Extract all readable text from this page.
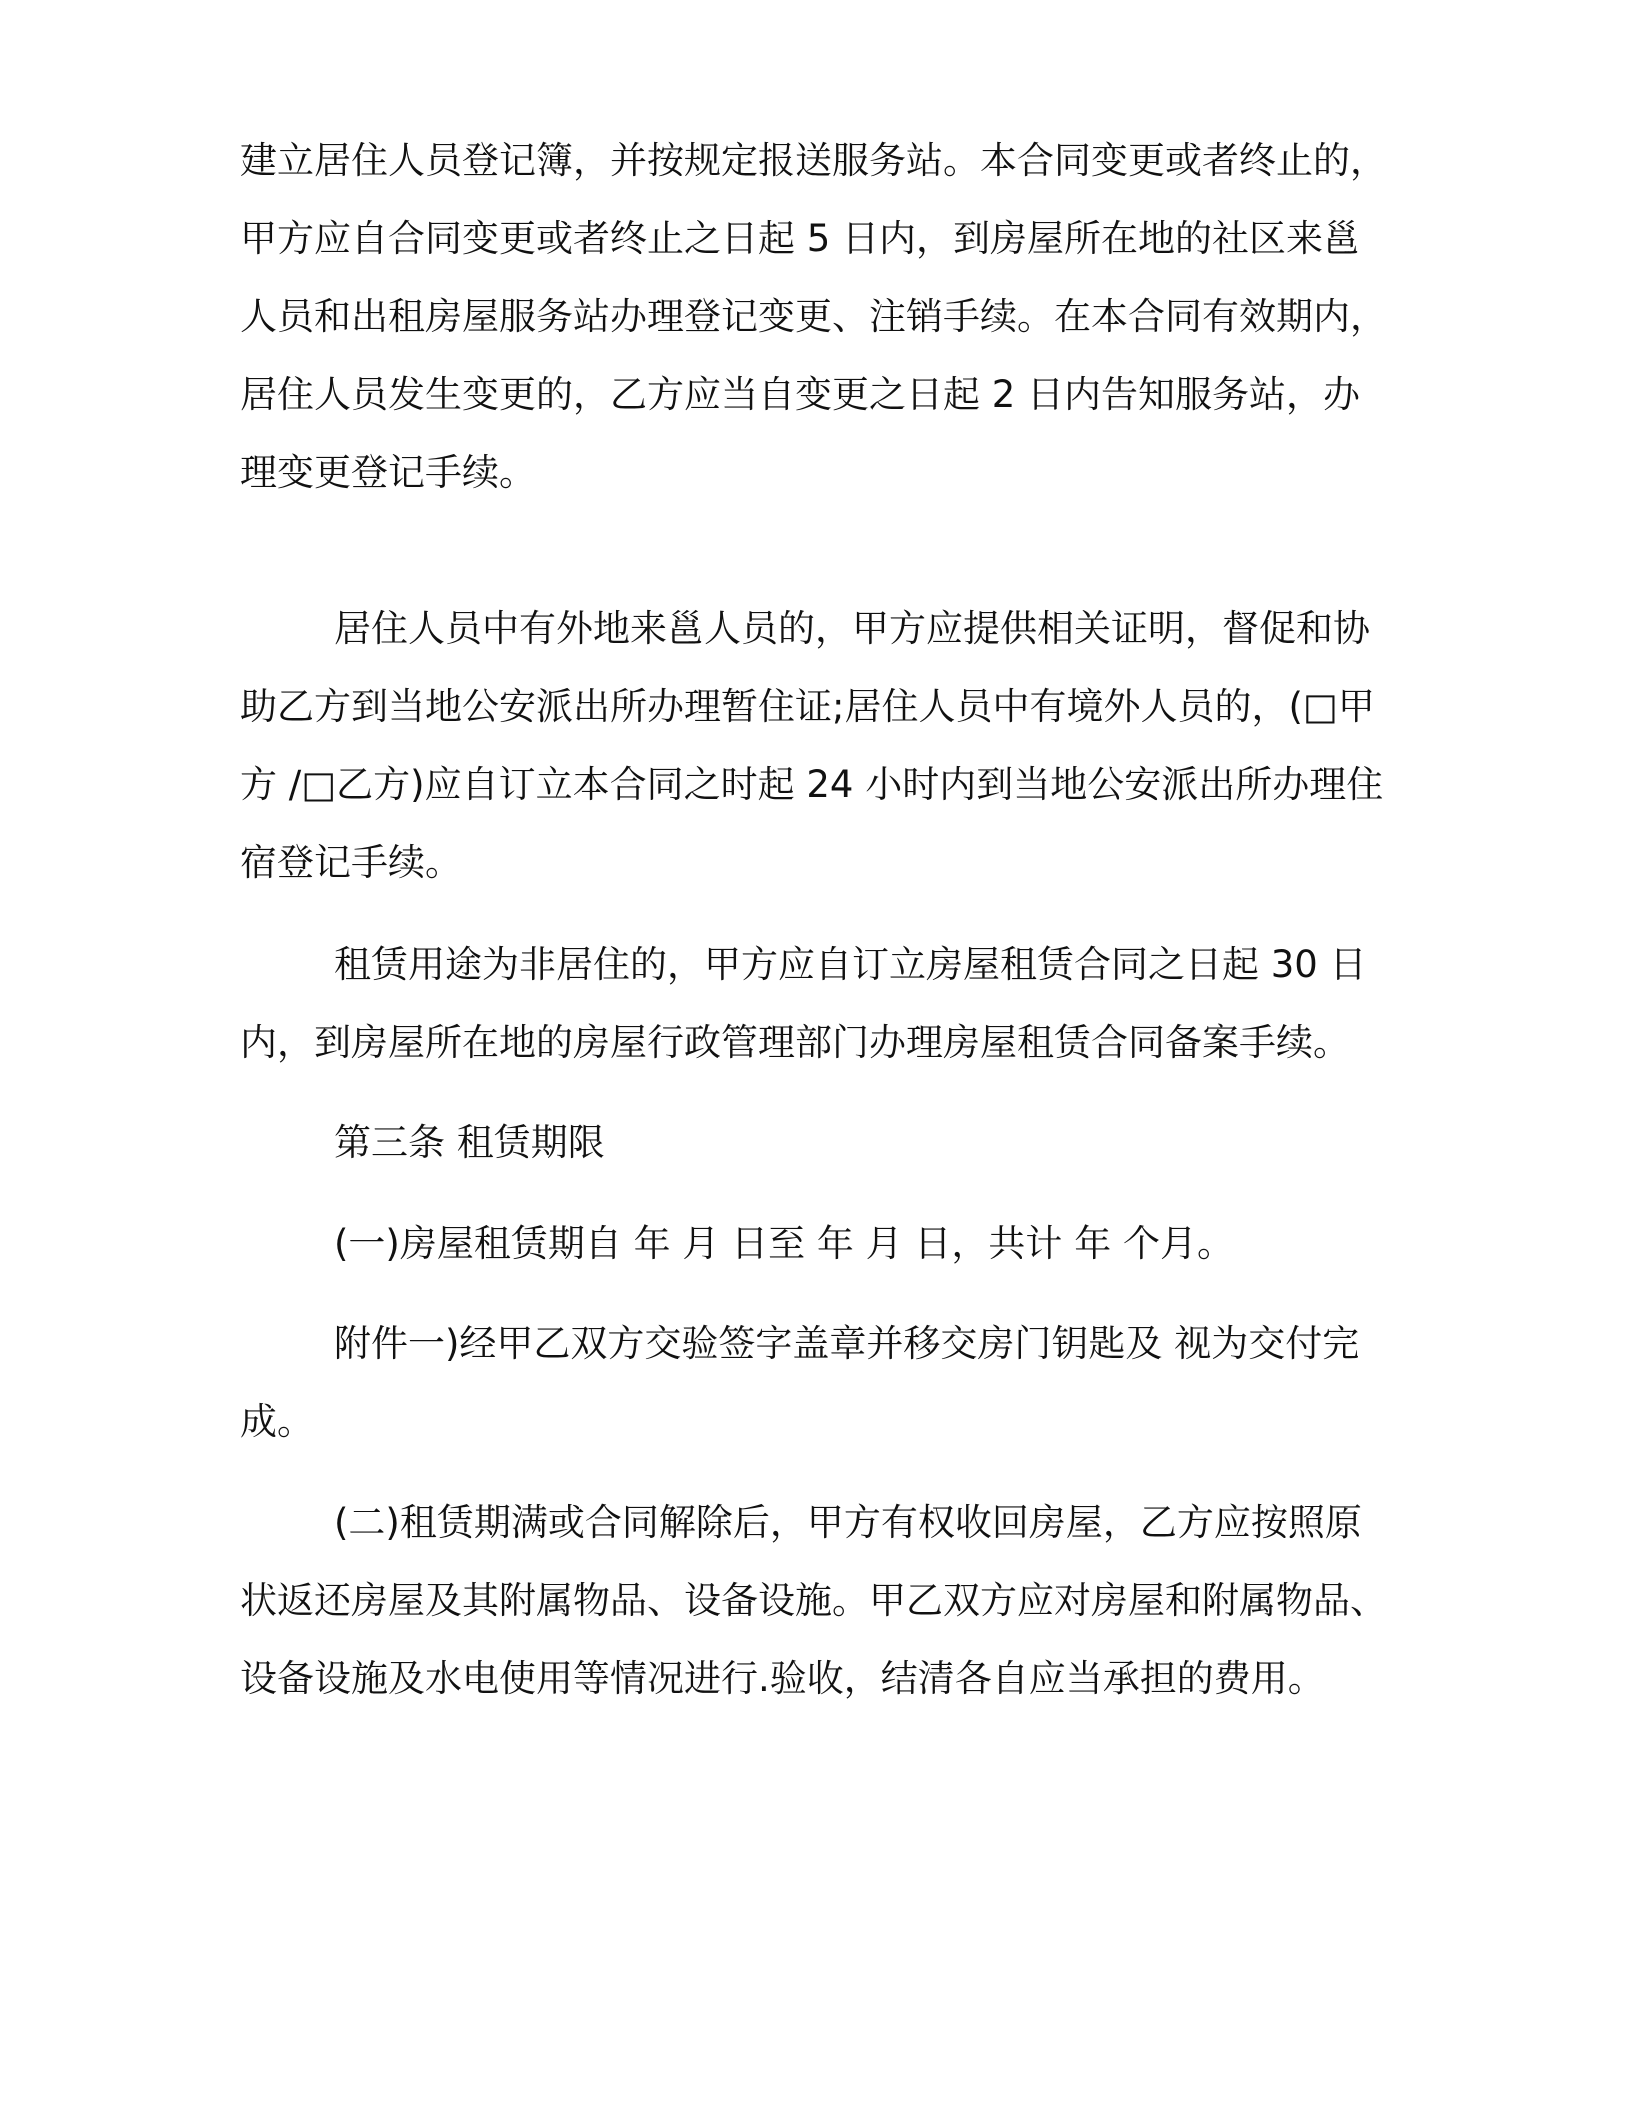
建立居住人员登记簿，并按规定报送服务站。本合同变更或者终止的，
甲方应自合同变更或者终止之日起 5 日内，到房屋所在地的社区来邕
人员和出租房屋服务站办理登记变更、注销手续。在本合同有效期内，
居住人员发生变更的，乙方应当自变更之日起 2 日内告知服务站，办
理变更登记手续。
居住人员中有外地来邕人员的，甲方应提供相关证明，督促和协
助乙方到当地公安派出所办理暂住证;居住人员中有境外人员的，(□甲
方 /□乙方)应自订立本合同之时起 24 小时内到当地公安派出所办理住
宿登记手续。
租赁用途为非居住的，甲方应自订立房屋租赁合同之日起 30 日
内，到房屋所在地的房屋行政管理部门办理房屋租赁合同备案手续。
第三条 租赁期限
(一)房屋租赁期自 年 月 日至 年 月 日，共计 年 个月。
附件一)经甲乙双方交验签字盖章并移交房门钥匙及 视为交付完
成。
(二)租赁期满或合同解除后，甲方有权收回房屋，乙方应按照原
状返还房屋及其附属物品、设备设施。甲乙双方应对房屋和附属物品、
设备设施及水电使用等情况进行.验收，结清各自应当承担的费用。
